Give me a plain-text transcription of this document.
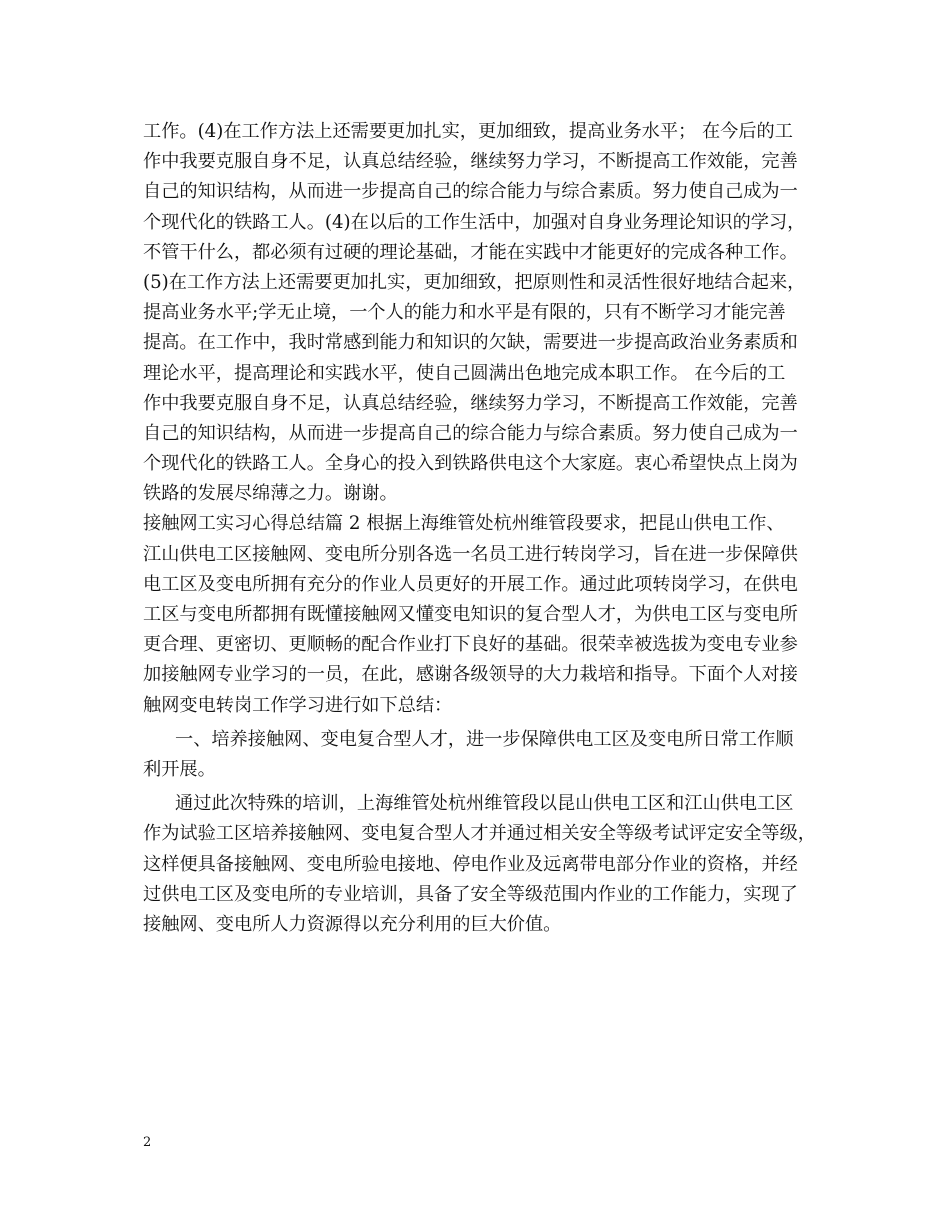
工作。(4)在工作方法上还需要更加扎实，更加细致，提高业务水平； 在今后的工
作中我要克服自身不足，认真总结经验，继续努力学习，不断提高工作效能，完善
自己的知识结构，从而进一步提高自己的综合能力与综合素质。努力使自己成为一
个现代化的铁路工人。(4)在以后的工作生活中，加强对自身业务理论知识的学习，
不管干什么，都必须有过硬的理论基础，才能在实践中才能更好的完成各种工作。
(5)在工作方法上还需要更加扎实，更加细致，把原则性和灵活性很好地结合起来，
提高业务水平;学无止境，一个人的能力和水平是有限的，只有不断学习才能完善
提高。在工作中，我时常感到能力和知识的欠缺，需要进一步提高政治业务素质和
理论水平，提高理论和实践水平，使自己圆满出色地完成本职工作。 在今后的工
作中我要克服自身不足，认真总结经验，继续努力学习，不断提高工作效能，完善
自己的知识结构，从而进一步提高自己的综合能力与综合素质。努力使自己成为一
个现代化的铁路工人。全身心的投入到铁路供电这个大家庭。衷心希望快点上岗为
铁路的发展尽绵薄之力。谢谢。
接触网工实习心得总结篇 2 根据上海维管处杭州维管段要求，把昆山供电工作、
江山供电工区接触网、变电所分别各选一名员工进行转岗学习，旨在进一步保障供
电工区及变电所拥有充分的作业人员更好的开展工作。通过此项转岗学习，在供电
工区与变电所都拥有既懂接触网又懂变电知识的复合型人才，为供电工区与变电所
更合理、更密切、更顺畅的配合作业打下良好的基础。很荣幸被选拔为变电专业参
加接触网专业学习的一员，在此，感谢各级领导的大力栽培和指导。下面个人对接
触网变电转岗工作学习进行如下总结：
一、培养接触网、变电复合型人才，进一步保障供电工区及变电所日常工作顺
利开展。
通过此次特殊的培训，上海维管处杭州维管段以昆山供电工区和江山供电工区
作为试验工区培养接触网、变电复合型人才并通过相关安全等级考试评定安全等级，
这样便具备接触网、变电所验电接地、停电作业及远离带电部分作业的资格，并经
过供电工区及变电所的专业培训，具备了安全等级范围内作业的工作能力，实现了
接触网、变电所人力资源得以充分利用的巨大价值。
2
